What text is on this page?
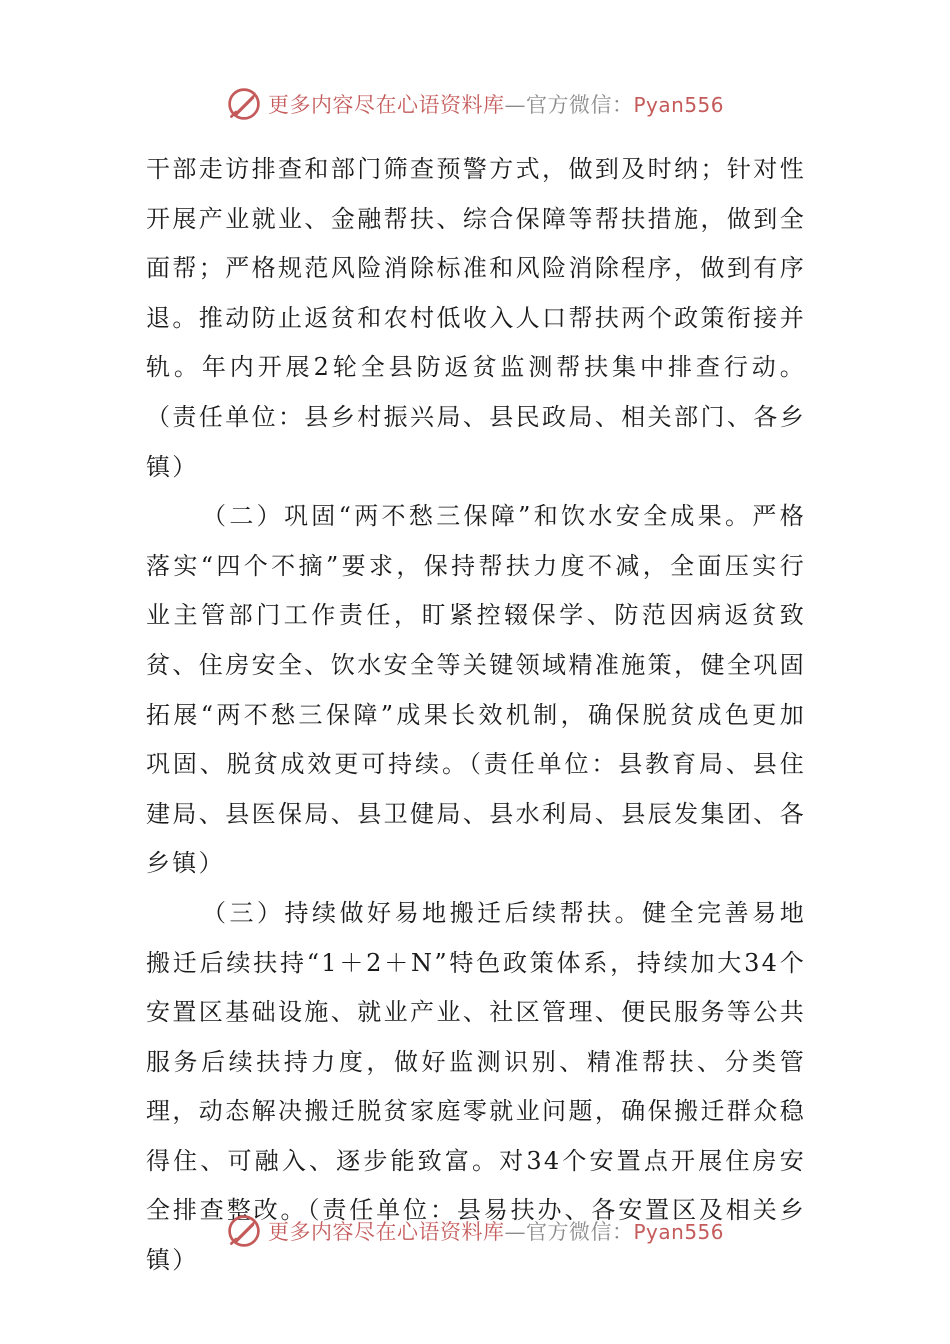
更多内容尽在心语资料库—官方微信：Pyan556

干部走访排查和部门筛查预警方式，做到及时纳；针对性开展产业就业、金融帮扶、综合保障等帮扶措施，做到全面帮；严格规范风险消除标准和风险消除程序，做到有序退。推动防止返贫和农村低收入人口帮扶两个政策衔接并轨。年内开展2轮全县防返贫监测帮扶集中排查行动。（责任单位：县乡村振兴局、县民政局、相关部门、各乡镇）

（二）巩固“两不愁三保障”和饮水安全成果。严格落实“四个不摘”要求，保持帮扶力度不减，全面压实行业主管部门工作责任，盯紧控辍保学、防范因病返贫致贫、住房安全、饮水安全等关键领域精准施策，健全巩固拓展“两不愁三保障”成果长效机制，确保脱贫成色更加巩固、脱贫成效更可持续。（责任单位：县教育局、县住建局、县医保局、县卫健局、县水利局、县辰发集团、各乡镇）

（三）持续做好易地搬迁后续帮扶。健全完善易地搬迁后续扶持“1＋2＋N”特色政策体系，持续加大34个安置区基础设施、就业产业、社区管理、便民服务等公共服务后续扶持力度，做好监测识别、精准帮扶、分类管理，动态解决搬迁脱贫家庭零就业问题，确保搬迁群众稳得住、可融入、逐步能致富。对34个安置点开展住房安全排查整改。（责任单位：县易扶办、各安置区及相关乡镇）

更多内容尽在心语资料库—官方微信：Pyan556
